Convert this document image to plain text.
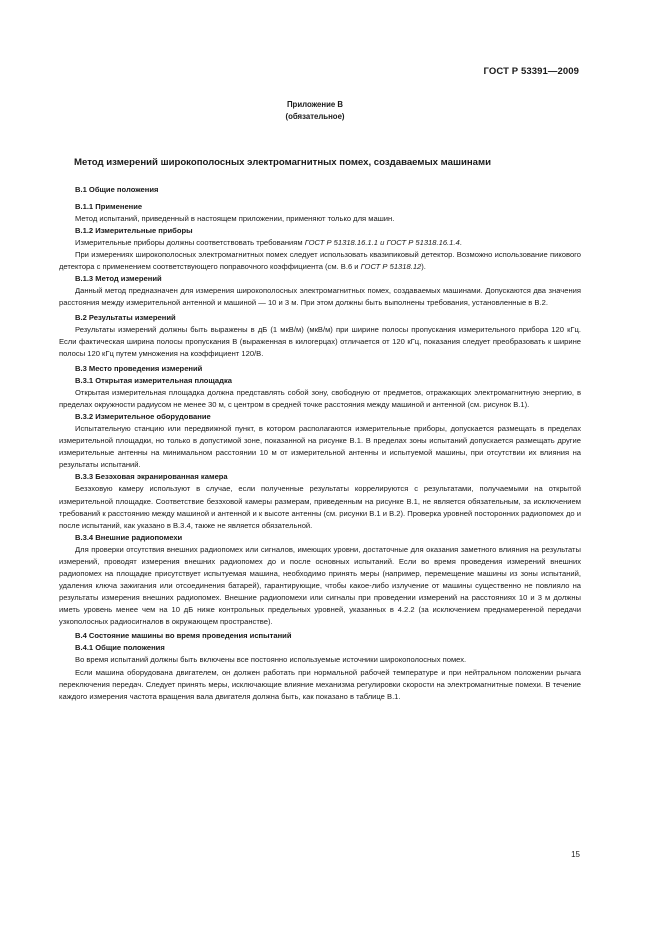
ГОСТ Р 53391—2009
Приложение В
(обязательное)
Метод измерений широкополосных электромагнитных помех, создаваемых машинами
В.1 Общие положения
В.1.1 Применение

Метод испытаний, приведенный в настоящем приложении, применяют только для машин.

В.1.2 Измерительные приборы

Измерительные приборы должны соответствовать требованиям ГОСТ Р 51318.16.1.1 и ГОСТ Р 51318.16.1.4.

При измерениях широкополосных электромагнитных помех следует использовать квазипиковый детектор. Возможно использование пикового детектора с применением соответствующего поправочного коэффициента (см. В.6 и ГОСТ Р 51318.12).

В.1.3 Метод измерений

Данный метод предназначен для измерения широкополосных электромагнитных помех, создаваемых машинами. Допускаются два значения расстояния между измерительной антенной и машиной — 10 и 3 м. При этом должны быть выполнены требования, установленные в В.2.

В.2 Результаты измерений

Результаты измерений должны быть выражены в дБ (1 мкВ/м) (мкВ/м) при ширине полосы пропускания измерительного прибора 120 кГц. Если фактическая ширина полосы пропускания В (выраженная в килогерцах) отличается от 120 кГц, показания следует преобразовать к ширине полосы 120 кГц путем умножения на коэффициент 120/В.

В.3 Место проведения измерений
В.3.1 Открытая измерительная площадка

Открытая измерительная площадка должна представлять собой зону, свободную от предметов, отражающих электромагнитную энергию, в пределах окружности радиусом не менее 30 м, с центром в средней точке расстояния между машиной и антенной (см. рисунок В.1).

В.3.2 Измерительное оборудование

Испытательную станцию или передвижной пункт, в котором располагаются измерительные приборы, допускается размещать в пределах измерительной площадки, но только в допустимой зоне, показанной на рисунке В.1. В пределах зоны испытаний допускается размещать другие измерительные антенны на минимальном расстоянии 10 м от измерительной антенны и испытуемой машины, при отсутствии их влияния на результаты испытаний.

В.3.3 Безэховая экранированная камера

Безэховую камеру используют в случае, если полученные результаты коррелируются с результатами, получаемыми на открытой измерительной площадке. Соответствие безэховой камеры размерам, приведенным на рисунке В.1, не является обязательным, за исключением требований к расстоянию между машиной и антенной и к высоте антенны (см. рисунки В.1 и В.2). Проверка уровней посторонних радиопомех до и после испытаний, как указано в В.3.4, также не является обязательной.

В.3.4 Внешние радиопомехи

Для проверки отсутствия внешних радиопомех или сигналов, имеющих уровни, достаточные для оказания заметного влияния на результаты измерений, проводят измерения внешних радиопомех до и после основных испытаний. Если во время проведения измерений внешних радиопомех на площадке присутствует испытуемая машина, необходимо принять меры (например, перемещение машины из зоны испытаний, удаления ключа зажигания или отсоединения батарей), гарантирующие, чтобы какое-либо излучение от машины существенно не повлияло на результаты измерения внешних радиопомех. Внешние радиопомехи или сигналы при проведении измерений на расстояниях 10 и 3 м должны иметь уровень менее чем на 10 дБ ниже контрольных предельных уровней, указанных в 4.2.2 (за исключением преднамеренной передачи узкополосных радиосигналов в окружающем пространстве).

В.4 Состояние машины во время проведения испытаний
В.4.1 Общие положения

Во время испытаний должны быть включены все постоянно используемые источники широкополосных помех.

Если машина оборудована двигателем, он должен работать при нормальной рабочей температуре и при нейтральном положении рычага переключения передач. Следует принять меры, исключающие влияние механизма регулировки скорости на электромагнитные помехи. В течение каждого измерения частота вращения вала двигателя должна быть, как показано в таблице В.1.

15
